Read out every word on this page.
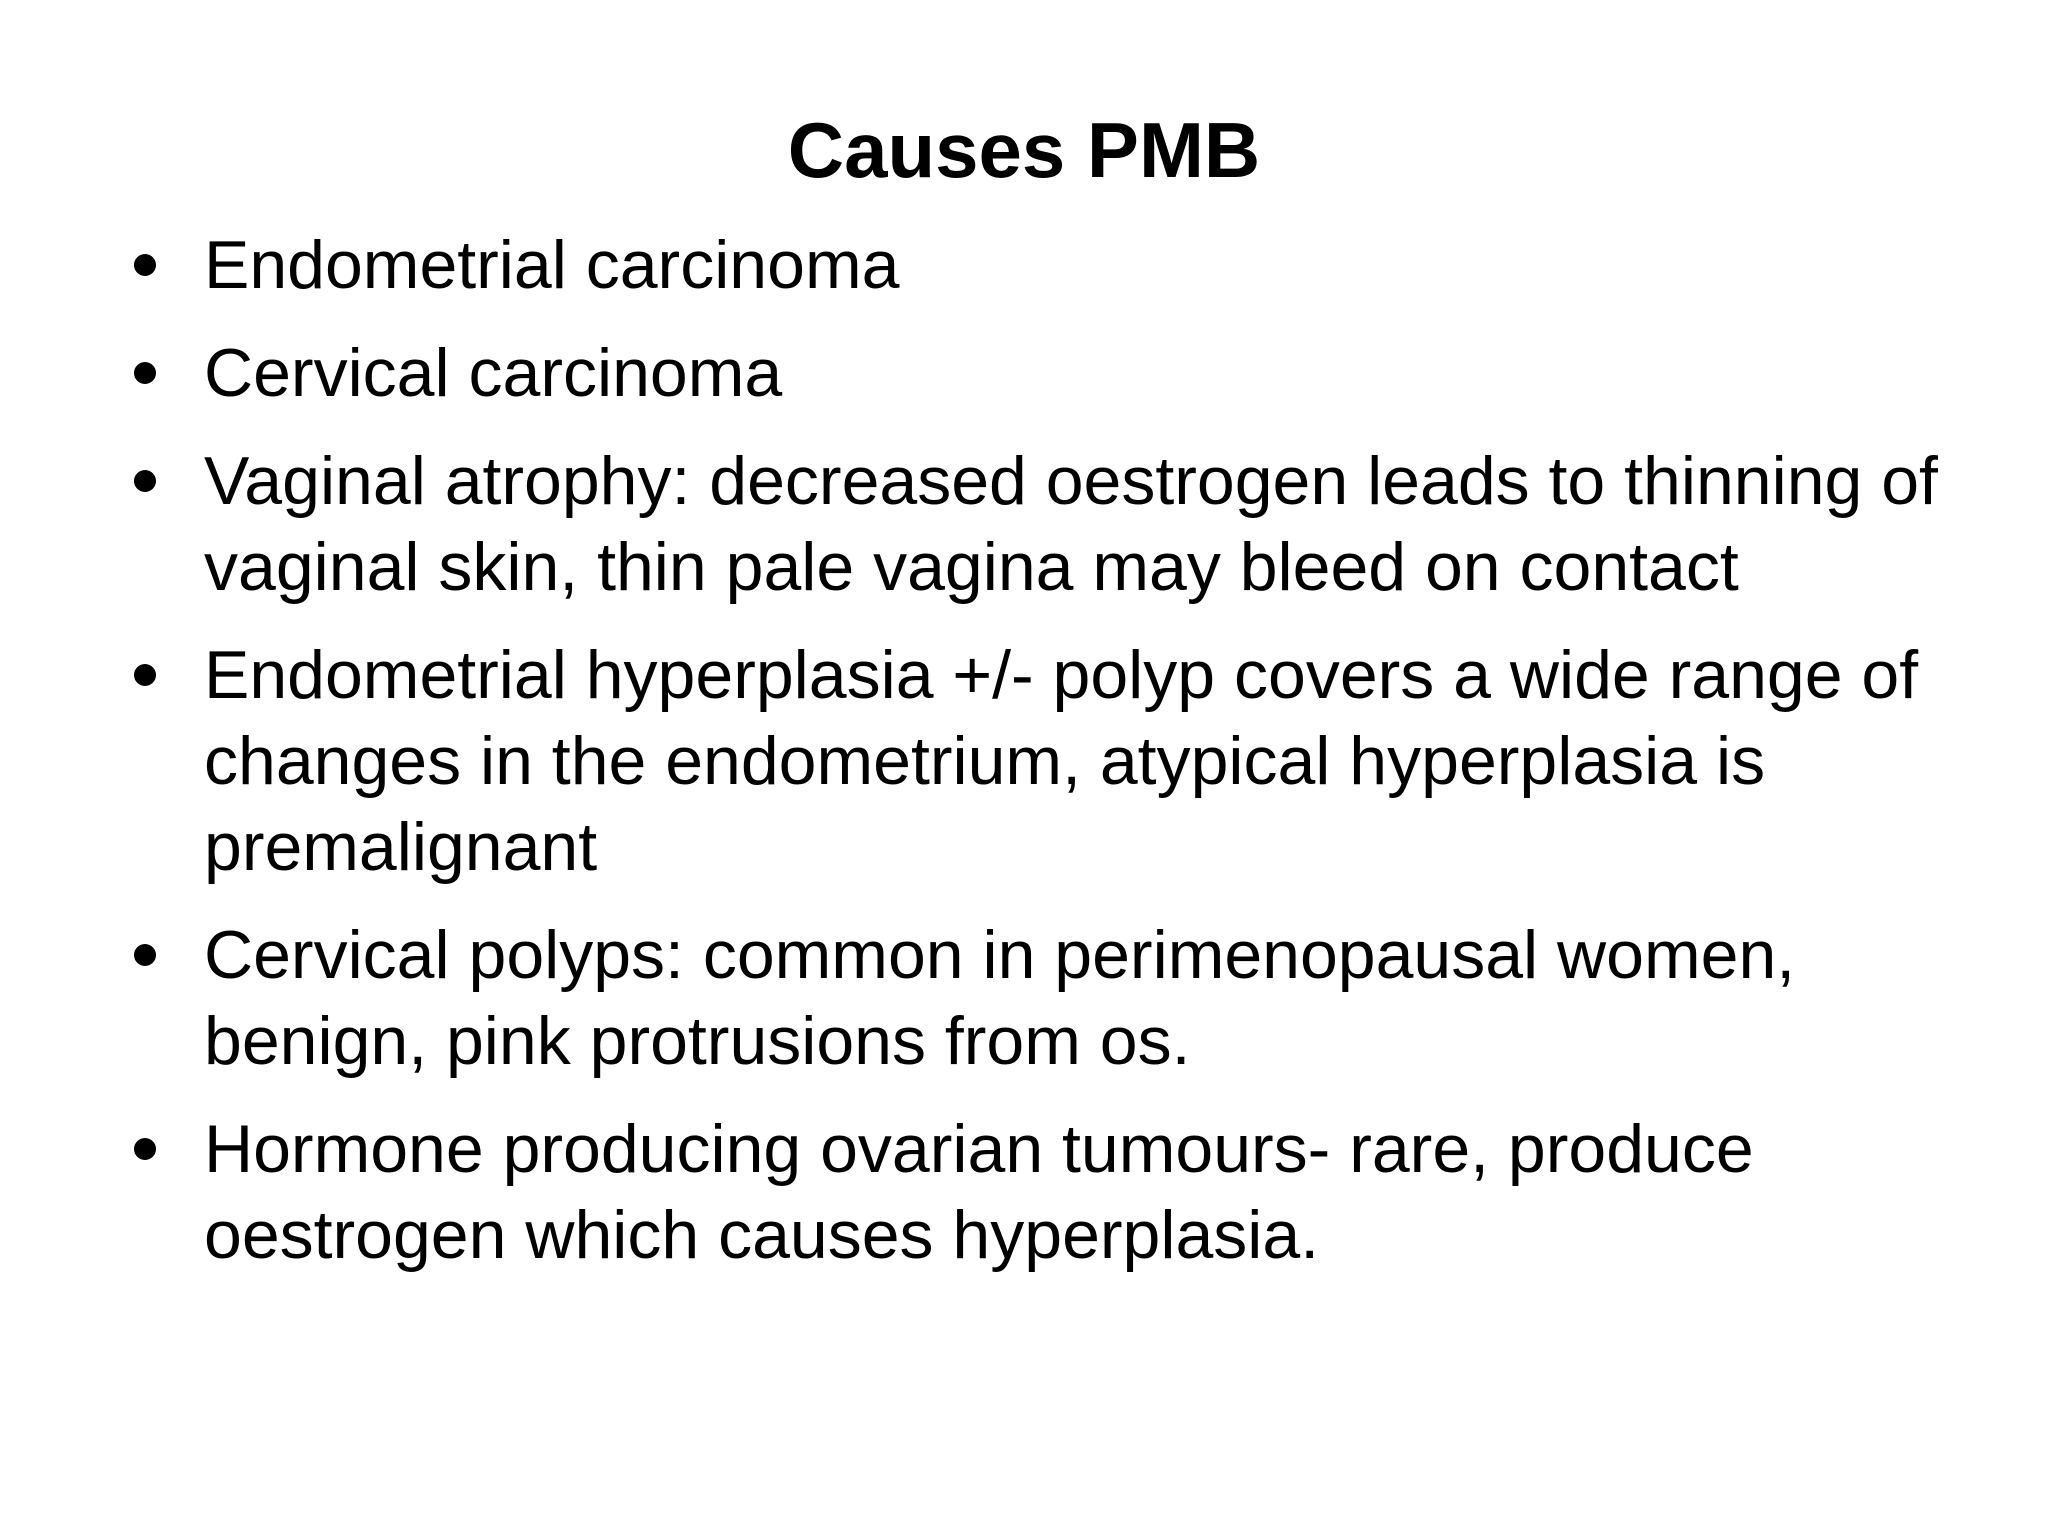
Causes PMB
Endometrial carcinoma
Cervical carcinoma
Vaginal atrophy: decreased oestrogen leads to thinning of vaginal skin, thin pale vagina may bleed on contact
Endometrial hyperplasia +/- polyp covers a wide range of changes in the endometrium, atypical hyperplasia is premalignant
Cervical polyps: common in perimenopausal women, benign, pink protrusions from os.
Hormone producing ovarian tumours- rare, produce oestrogen which causes hyperplasia.
